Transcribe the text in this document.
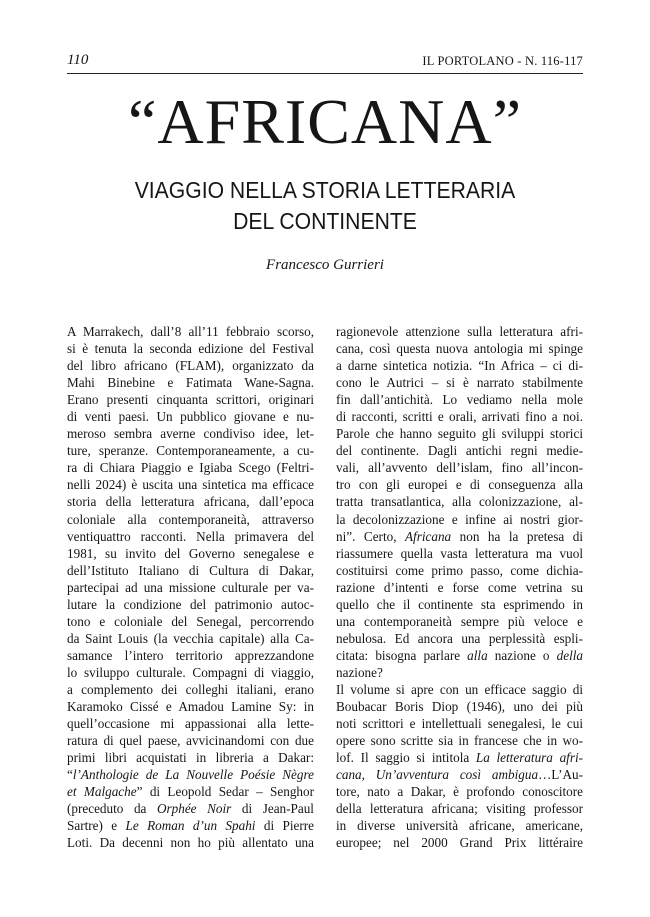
110	IL PORTOLANO - N. 116-117
“AFRICANA”
VIAGGIO NELLA STORIA LETTERARIA
DEL CONTINENTE
Francesco Gurrieri
A Marrakech, dall’8 all’11 febbraio scorso,
si è tenuta la seconda edizione del Festival
del libro africano (FLAM), organizzato da
Mahi Binebine e Fatimata Wane-Sagna.
Erano presenti cinquanta scrittori, originari
di venti paesi. Un pubblico giovane e nu-
meroso sembra averne condiviso idee, let-
ture, speranze. Contemporaneamente, a cu-
ra di Chiara Piaggio e Igiaba Scego (Feltri-
nelli 2024) è uscita una sintetica ma efficace
storia della letteratura africana, dall’epoca
coloniale alla contemporaneità, attraverso
ventiquattro racconti. Nella primavera del
1981, su invito del Governo senegalese e
dell’Istituto Italiano di Cultura di Dakar,
partecipai ad una missione culturale per va-
lutare la condizione del patrimonio autoc-
tono e coloniale del Senegal, percorrendo
da Saint Louis (la vecchia capitale) alla Ca-
samance l’intero territorio apprezzandone
lo sviluppo culturale. Compagni di viaggio,
a complemento dei colleghi italiani, erano
Karamoko Cissé e Amadou Lamine Sy: in
quell’occasione mi appassionai alla lette-
ratura di quel paese, avvicinandomi con due
primi libri acquistati in libreria a Dakar:
“l’Anthologie de La Nouvelle Poésie Nègre
et Malgache” di Leopold Sedar – Senghor
(preceduto da Orphée Noir di Jean-Paul
Sartre) e Le Roman d’un Spahi di Pierre
Loti. Da decenni non ho più allentato una
ragionevole attenzione sulla letteratura afri-
cana, così questa nuova antologia mi spinge
a darne sintetica notizia. “In Africa – ci di-
cono le Autrici – si è narrato stabilmente
fin dall’antichità. Lo vediamo nella mole
di racconti, scritti e orali, arrivati fino a noi.
Parole che hanno seguito gli sviluppi storici
del continente. Dagli antichi regni medie-
vali, all’avvento dell’islam, fino all’incon-
tro con gli europei e di conseguenza alla
tratta transatlantica, alla colonizzazione, al-
la decolonizzazione e infine ai nostri gior-
ni”. Certo, Africana non ha la pretesa di
riassumere quella vasta letteratura ma vuol
costituirsi come primo passo, come dichia-
razione d’intenti e forse come vetrina su
quello che il continente sta esprimendo in
una contemporaneità sempre più veloce e
nebulosa. Ed ancora una perplessità espli-
citata: bisogna parlare alla nazione o della
nazione?
Il volume si apre con un efficace saggio di
Boubacar Boris Diop (1946), uno dei più
noti scrittori e intellettuali senegalesi, le cui
opere sono scritte sia in francese che in wo-
lof. Il saggio si intitola La letteratura afri-
cana, Un’avventura così ambigua…L’Au-
tore, nato a Dakar, è profondo conoscitore
della letteratura africana; visiting professor
in diverse università africane, americane,
europee; nel 2000 Grand Prix littéraire
